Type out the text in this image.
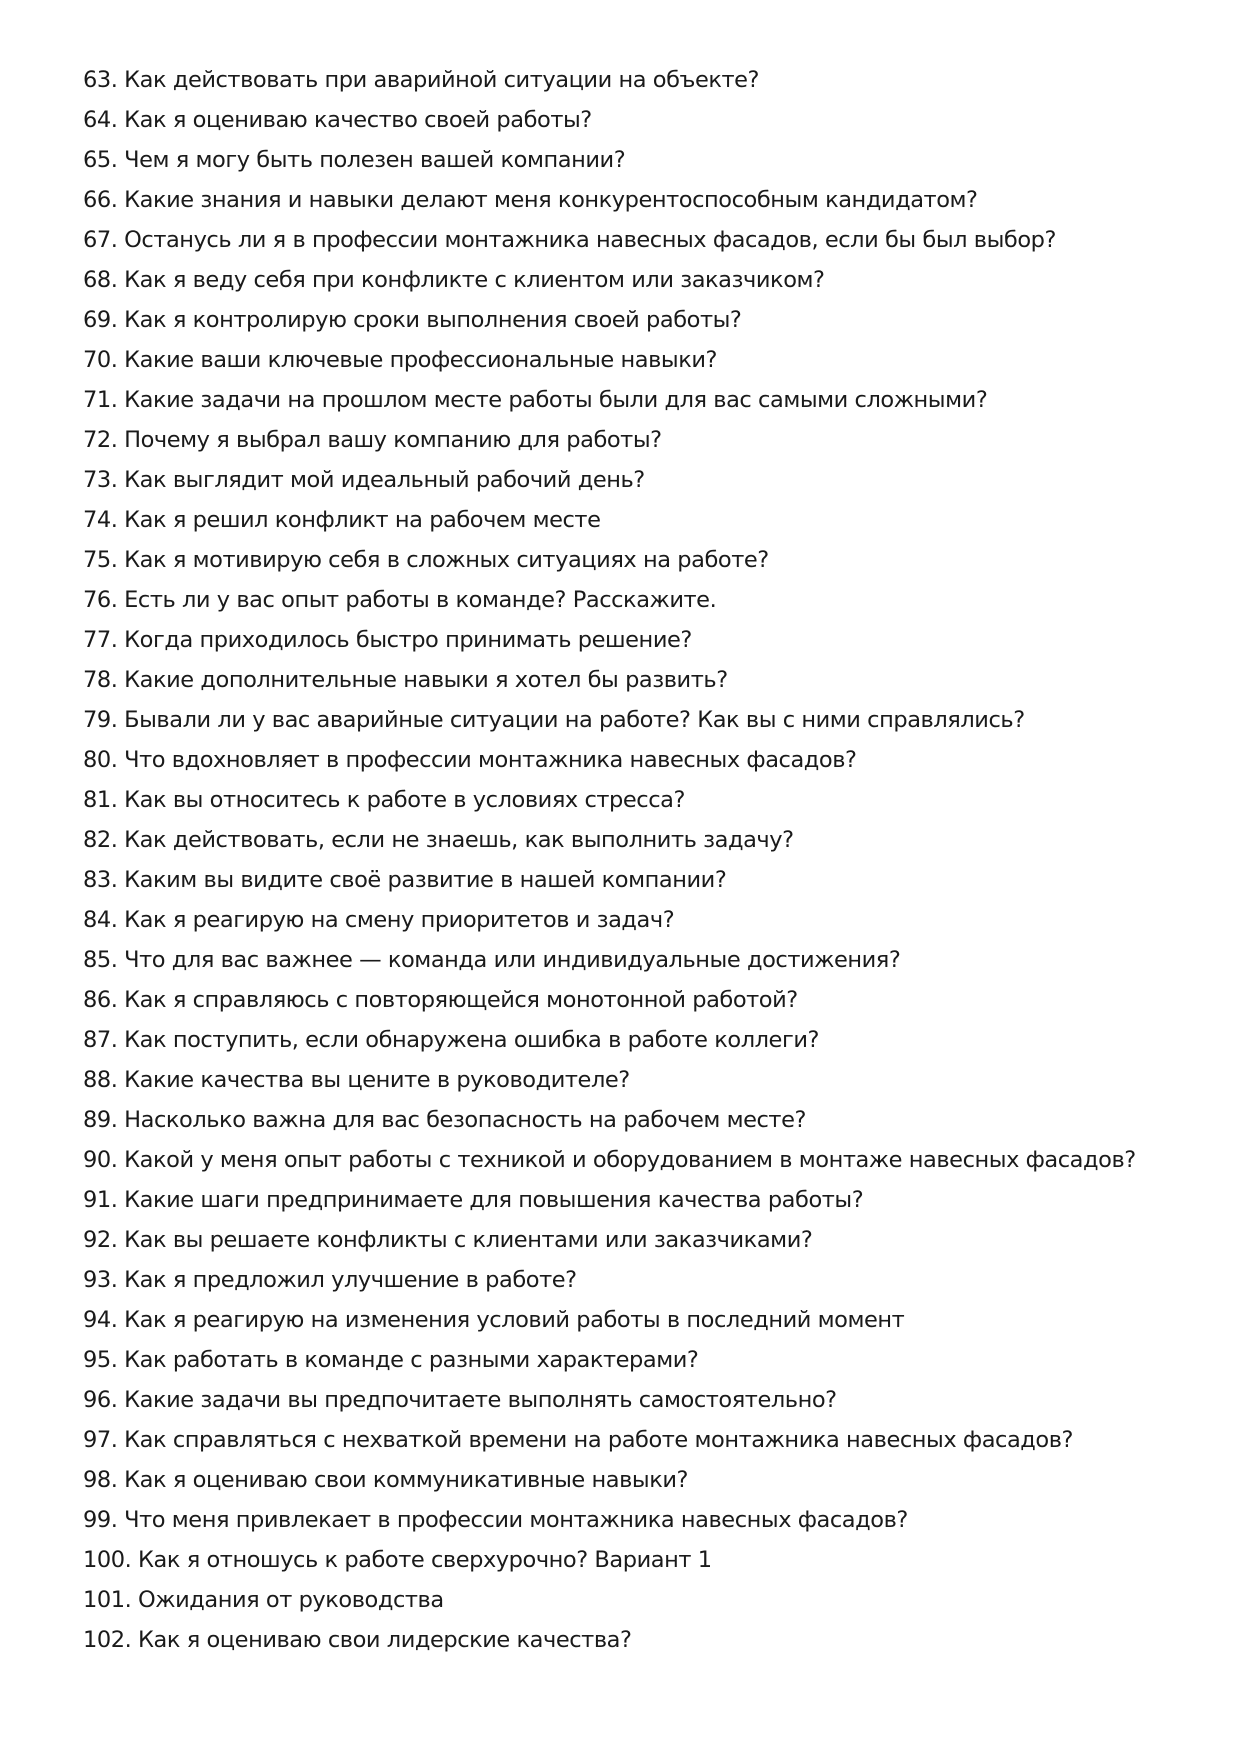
63. Как действовать при аварийной ситуации на объекте?
64. Как я оцениваю качество своей работы?
65. Чем я могу быть полезен вашей компании?
66. Какие знания и навыки делают меня конкурентоспособным кандидатом?
67. Останусь ли я в профессии монтажника навесных фасадов, если бы был выбор?
68. Как я веду себя при конфликте с клиентом или заказчиком?
69. Как я контролирую сроки выполнения своей работы?
70. Какие ваши ключевые профессиональные навыки?
71. Какие задачи на прошлом месте работы были для вас самыми сложными?
72. Почему я выбрал вашу компанию для работы?
73. Как выглядит мой идеальный рабочий день?
74. Как я решил конфликт на рабочем месте
75. Как я мотивирую себя в сложных ситуациях на работе?
76. Есть ли у вас опыт работы в команде? Расскажите.
77. Когда приходилось быстро принимать решение?
78. Какие дополнительные навыки я хотел бы развить?
79. Бывали ли у вас аварийные ситуации на работе? Как вы с ними справлялись?
80. Что вдохновляет в профессии монтажника навесных фасадов?
81. Как вы относитесь к работе в условиях стресса?
82. Как действовать, если не знаешь, как выполнить задачу?
83. Каким вы видите своё развитие в нашей компании?
84. Как я реагирую на смену приоритетов и задач?
85. Что для вас важнее — команда или индивидуальные достижения?
86. Как я справляюсь с повторяющейся монотонной работой?
87. Как поступить, если обнаружена ошибка в работе коллеги?
88. Какие качества вы цените в руководителе?
89. Насколько важна для вас безопасность на рабочем месте?
90. Какой у меня опыт работы с техникой и оборудованием в монтаже навесных фасадов?
91. Какие шаги предпринимаете для повышения качества работы?
92. Как вы решаете конфликты с клиентами или заказчиками?
93. Как я предложил улучшение в работе?
94. Как я реагирую на изменения условий работы в последний момент
95. Как работать в команде с разными характерами?
96. Какие задачи вы предпочитаете выполнять самостоятельно?
97. Как справляться с нехваткой времени на работе монтажника навесных фасадов?
98. Как я оцениваю свои коммуникативные навыки?
99. Что меня привлекает в профессии монтажника навесных фасадов?
100. Как я отношусь к работе сверхурочно? Вариант 1
101. Ожидания от руководства
102. Как я оцениваю свои лидерские качества?
